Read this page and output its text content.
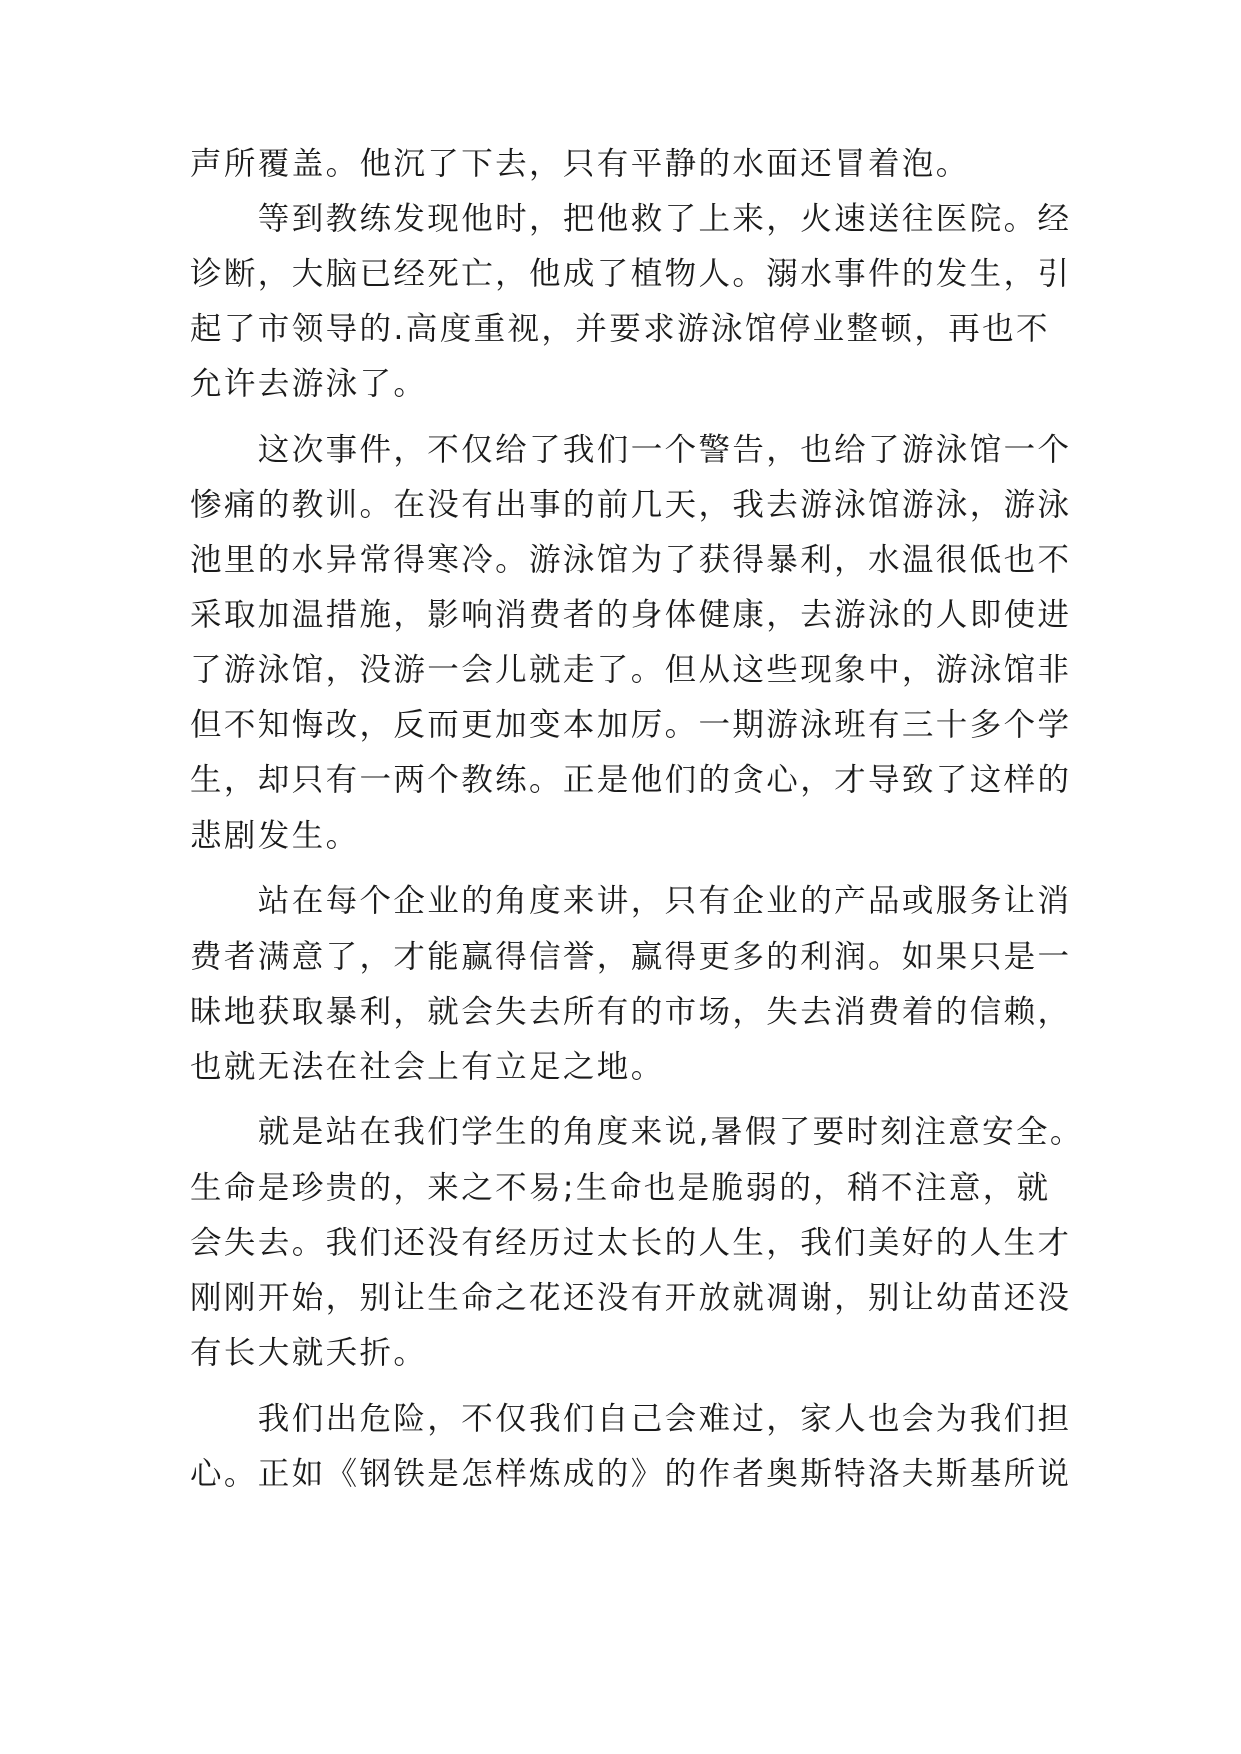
声所覆盖。他沉了下去，只有平静的水面还冒着泡。
　　等到教练发现他时，把他救了上来，火速送往医院。经
诊断，大脑已经死亡，他成了植物人。溺水事件的发生，引
起了市领导的.高度重视，并要求游泳馆停业整顿，再也不
允许去游泳了。
　　这次事件，不仅给了我们一个警告，也给了游泳馆一个
惨痛的教训。在没有出事的前几天，我去游泳馆游泳，游泳
池里的水异常得寒冷。游泳馆为了获得暴利，水温很低也不
采取加温措施，影响消费者的身体健康，去游泳的人即使进
了游泳馆，没游一会儿就走了。但从这些现象中，游泳馆非
但不知悔改，反而更加变本加厉。一期游泳班有三十多个学
生，却只有一两个教练。正是他们的贪心，才导致了这样的
悲剧发生。
　　站在每个企业的角度来讲，只有企业的产品或服务让消
费者满意了，才能赢得信誉，赢得更多的利润。如果只是一
昧地获取暴利，就会失去所有的市场，失去消费着的信赖，
也就无法在社会上有立足之地。
　　就是站在我们学生的角度来说,暑假了要时刻注意安全。
生命是珍贵的，来之不易;生命也是脆弱的，稍不注意，就
会失去。我们还没有经历过太长的人生，我们美好的人生才
刚刚开始，别让生命之花还没有开放就凋谢，别让幼苗还没
有长大就夭折。
　　我们出危险，不仅我们自己会难过，家人也会为我们担
心。正如《钢铁是怎样炼成的》的作者奥斯特洛夫斯基所说
